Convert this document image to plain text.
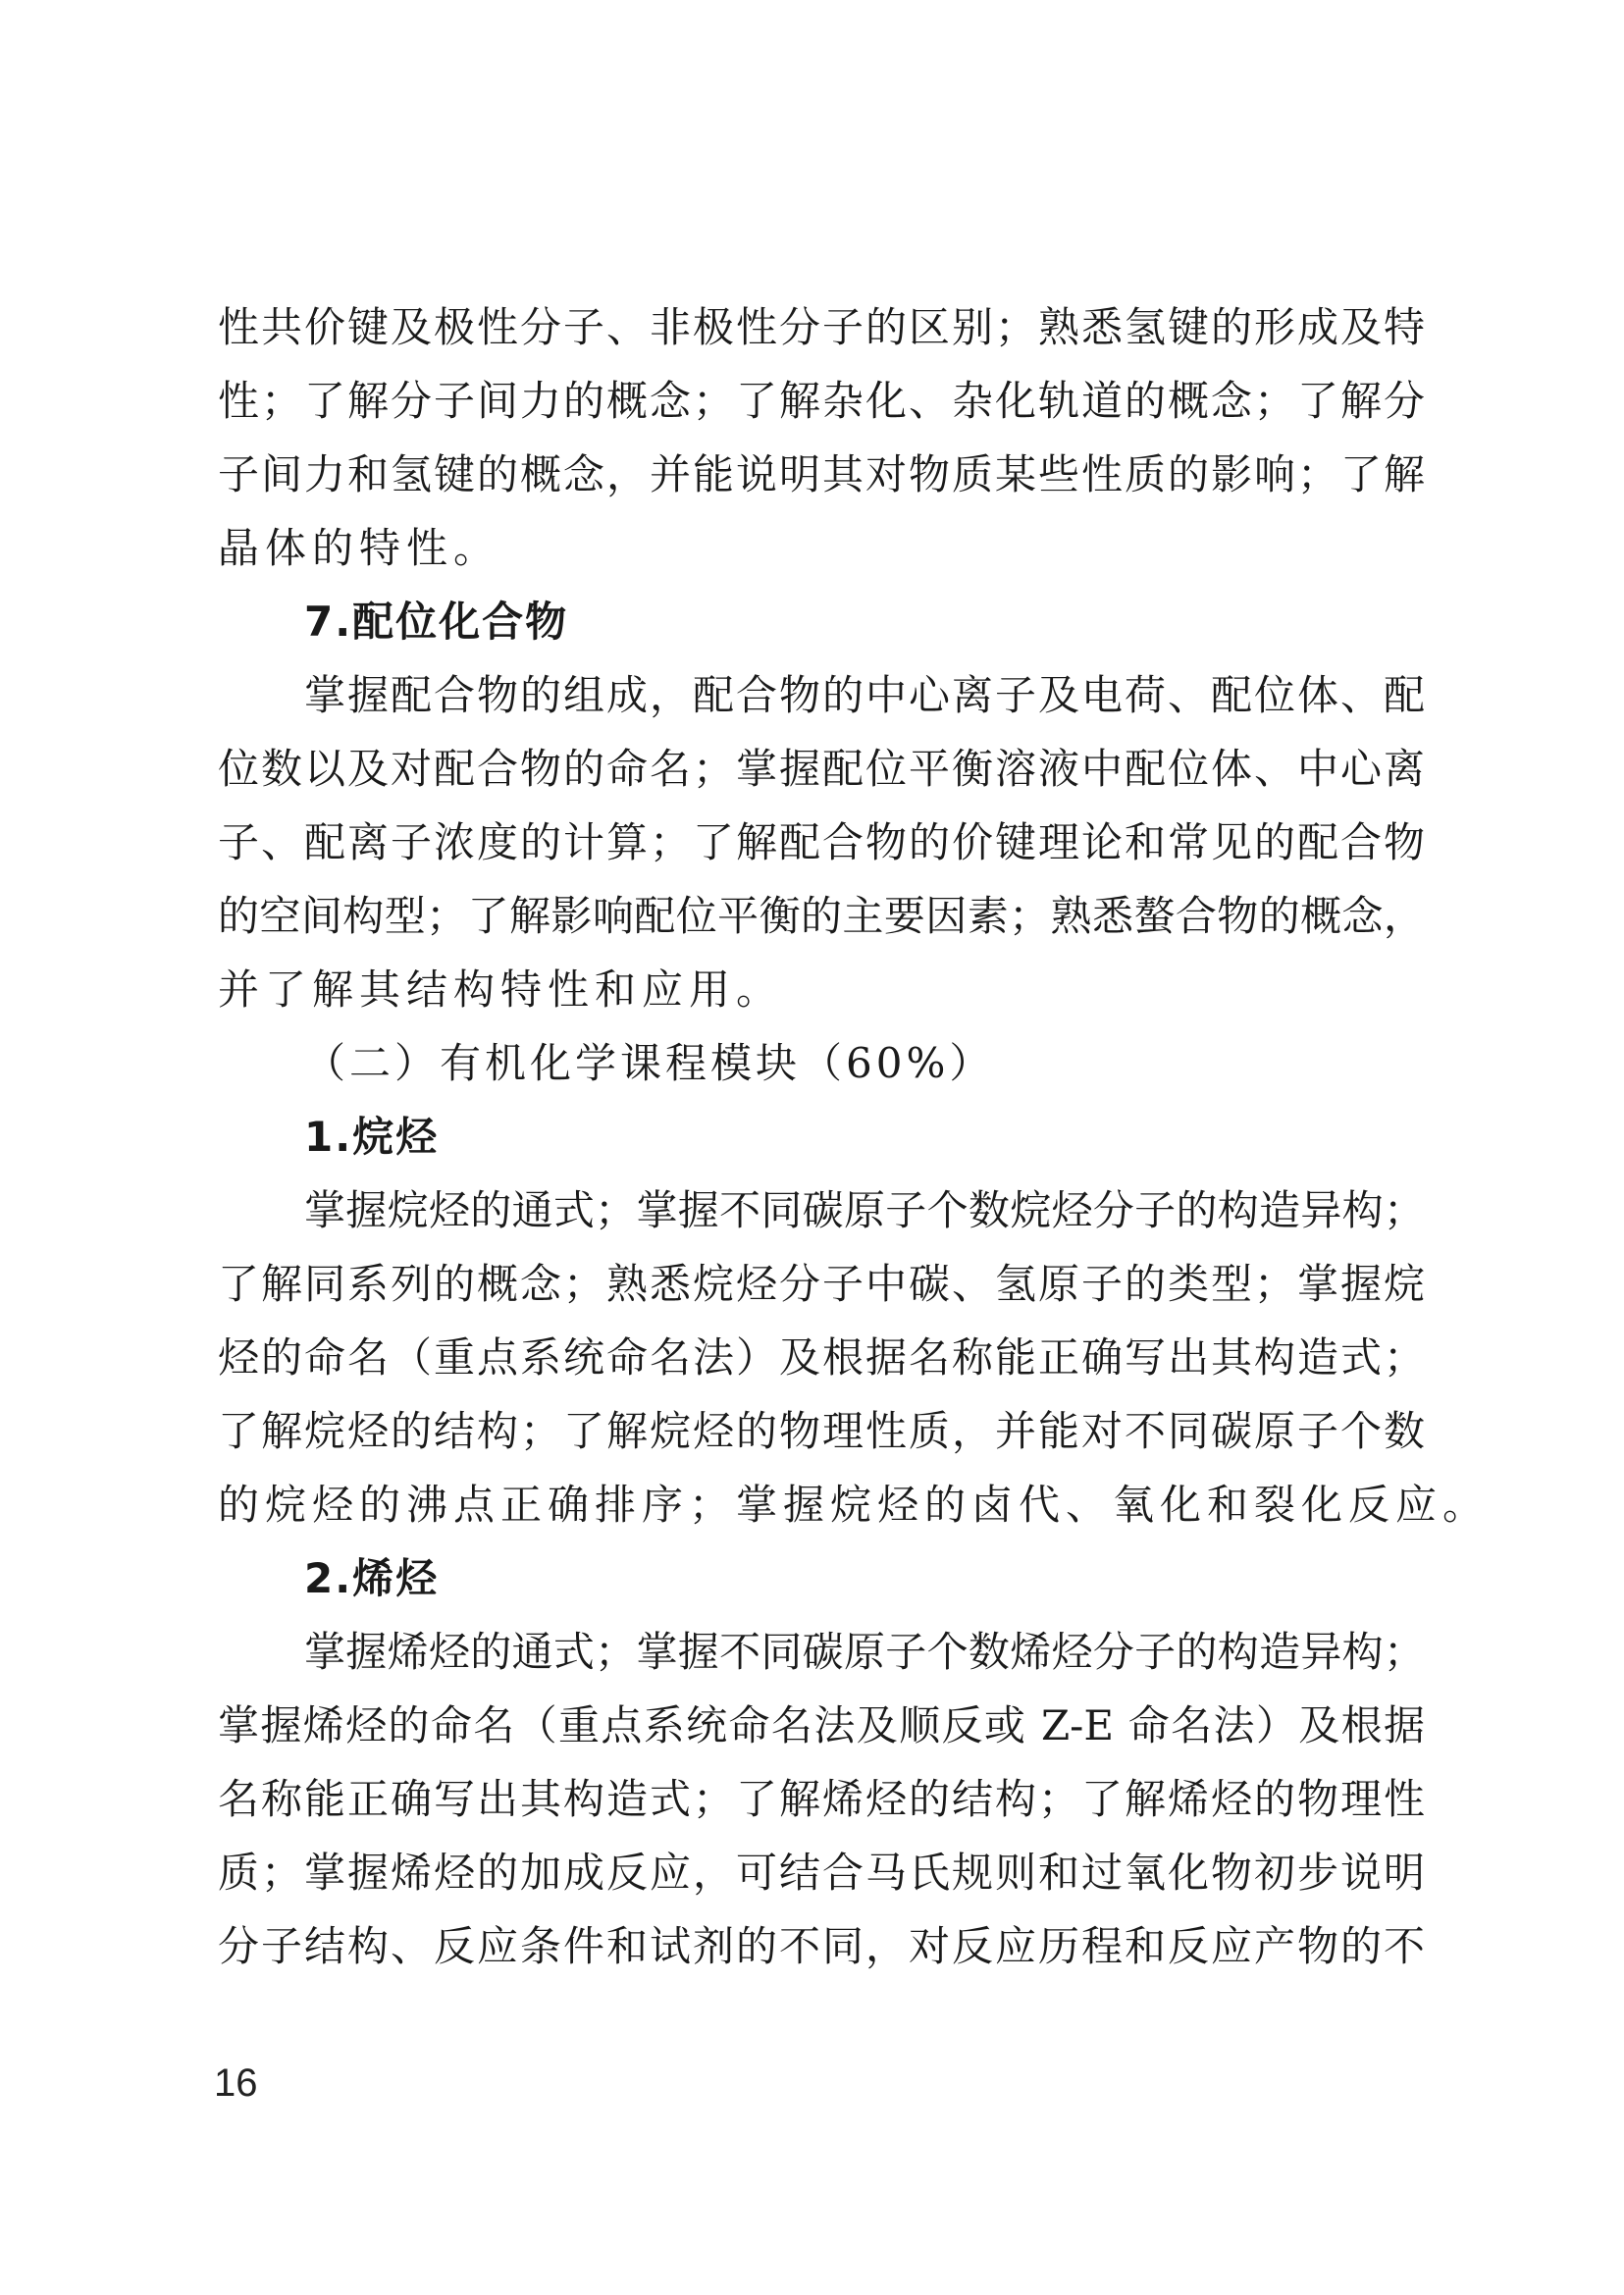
性共价键及极性分子、非极性分子的区别；熟悉氢键的形成及特
性；了解分子间力的概念；了解杂化、杂化轨道的概念；了解分
子间力和氢键的概念，并能说明其对物质某些性质的影响；了解
晶体的特性。
7.配位化合物
掌握配合物的组成，配合物的中心离子及电荷、配位体、配
位数以及对配合物的命名；掌握配位平衡溶液中配位体、中心离
子、配离子浓度的计算；了解配合物的价键理论和常见的配合物
的空间构型；了解影响配位平衡的主要因素；熟悉螯合物的概念，
并了解其结构特性和应用。
（二）有机化学课程模块（60%）
1.烷烃
掌握烷烃的通式；掌握不同碳原子个数烷烃分子的构造异构；
了解同系列的概念；熟悉烷烃分子中碳、氢原子的类型；掌握烷
烃的命名（重点系统命名法）及根据名称能正确写出其构造式；
了解烷烃的结构；了解烷烃的物理性质，并能对不同碳原子个数
的烷烃的沸点正确排序；掌握烷烃的卤代、氧化和裂化反应。
2.烯烃
掌握烯烃的通式；掌握不同碳原子个数烯烃分子的构造异构；
掌握烯烃的命名（重点系统命名法及顺反或 Z-E 命名法）及根据
名称能正确写出其构造式；了解烯烃的结构；了解烯烃的物理性
质；掌握烯烃的加成反应，可结合马氏规则和过氧化物初步说明
分子结构、反应条件和试剂的不同，对反应历程和反应产物的不
16
